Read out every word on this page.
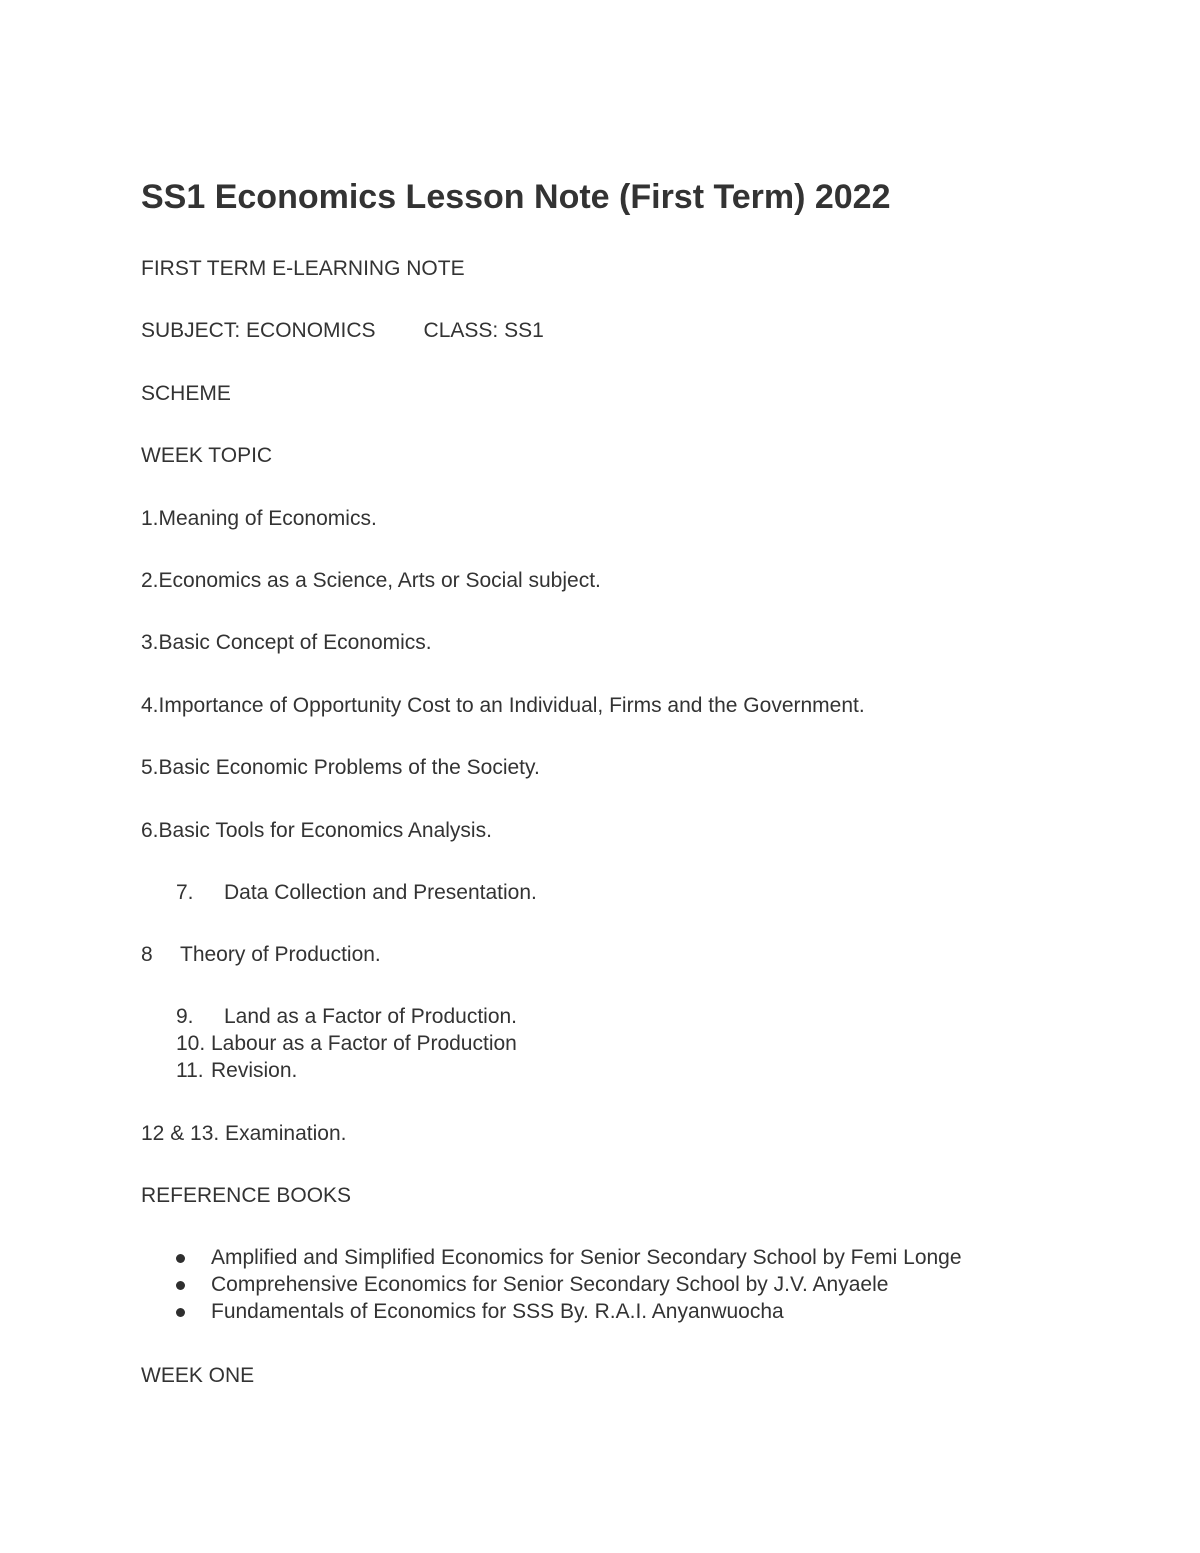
SS1 Economics Lesson Note (First Term) 2022
FIRST TERM E-LEARNING NOTE
SUBJECT: ECONOMICS CLASS: SS1
SCHEME
WEEK TOPIC
1.Meaning of Economics.
2.Economics as a Science, Arts or Social subject.
3.Basic Concept of Economics.
4.Importance of Opportunity Cost to an Individual, Firms and the Government.
5.Basic Economic Problems of the Society.
6.Basic Tools for Economics Analysis.
7. Data Collection and Presentation.
8 Theory of Production.
9. Land as a Factor of Production.
10. Labour as a Factor of Production
11. Revision.
12 & 13. Examination.
REFERENCE BOOKS
Amplified and Simplified Economics for Senior Secondary School by Femi Longe
Comprehensive Economics for Senior Secondary School by J.V. Anyaele
Fundamentals of Economics for SSS By. R.A.I. Anyanwuocha
WEEK ONE
